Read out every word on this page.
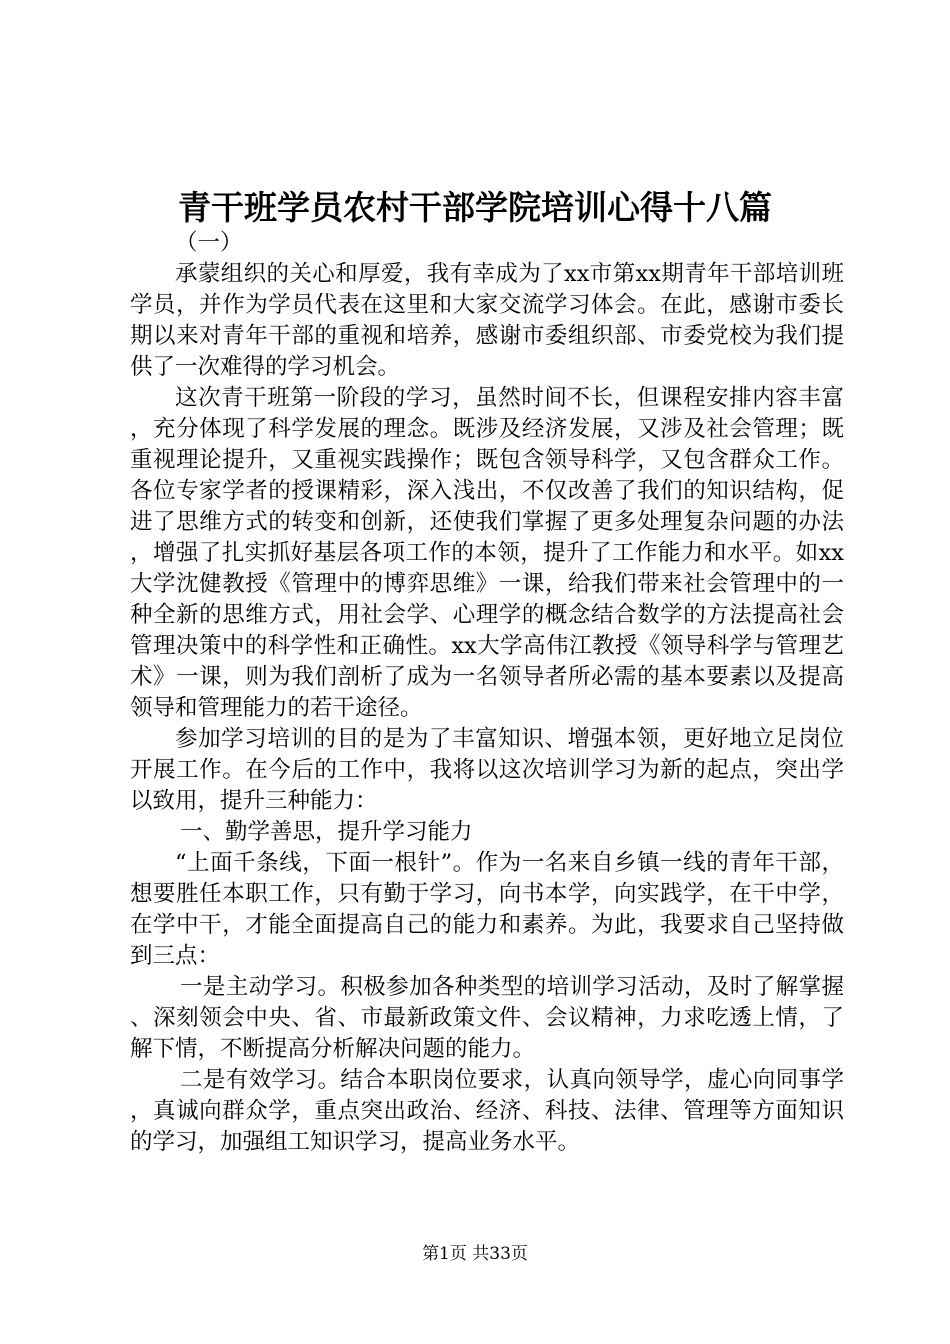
青干班学员农村干部学院培训心得十八篇

（一）

承蒙组织的关心和厚爱，我有幸成为了xx市第xx期青年干部培训班学员，并作为学员代表在这里和大家交流学习体会。在此，感谢市委长期以来对青年干部的重视和培养，感谢市委组织部、市委党校为我们提供了一次难得的学习机会。

这次青干班第一阶段的学习，虽然时间不长，但课程安排内容丰富，充分体现了科学发展的理念。既涉及经济发展，又涉及社会管理；既重视理论提升，又重视实践操作；既包含领导科学，又包含群众工作。各位专家学者的授课精彩，深入浅出，不仅改善了我们的知识结构，促进了思维方式的转变和创新，还使我们掌握了更多处理复杂问题的办法，增强了扎实抓好基层各项工作的本领，提升了工作能力和水平。如xx大学沈健教授《管理中的博弈思维》一课，给我们带来社会管理中的一种全新的思维方式，用社会学、心理学的概念结合数学的方法提高社会管理决策中的科学性和正确性。xx大学高伟江教授《领导科学与管理艺术》一课，则为我们剖析了成为一名领导者所必需的基本要素以及提高领导和管理能力的若干途径。

参加学习培训的目的是为了丰富知识、增强本领，更好地立足岗位开展工作。在今后的工作中，我将以这次培训学习为新的起点，突出学以致用，提升三种能力：

一、勤学善思，提升学习能力

“上面千条线，下面一根针”。作为一名来自乡镇一线的青年干部，想要胜任本职工作，只有勤于学习，向书本学，向实践学，在干中学，在学中干，才能全面提高自己的能力和素养。为此，我要求自己坚持做到三点：

一是主动学习。积极参加各种类型的培训学习活动，及时了解掌握、深刻领会中央、省、市最新政策文件、会议精神，力求吃透上情，了解下情，不断提高分析解决问题的能力。

二是有效学习。结合本职岗位要求，认真向领导学，虚心向同事学，真诚向群众学，重点突出政治、经济、科技、法律、管理等方面知识的学习，加强组工知识学习，提高业务水平。

第1页 共33页
